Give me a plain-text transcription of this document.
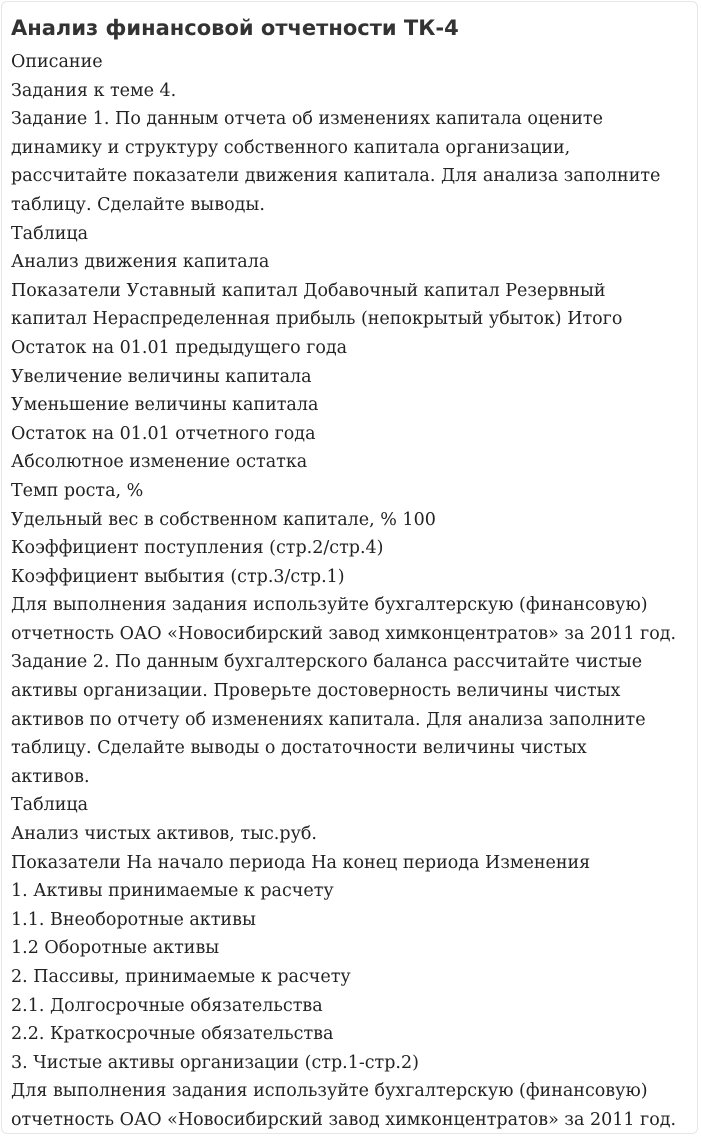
Анализ финансовой отчетности ТК-4
Описание
Задания к теме 4.
Задание 1. По данным отчета об изменениях капитала оцените
динамику и структуру собственного капитала организации,
рассчитайте показатели движения капитала. Для анализа заполните
таблицу. Сделайте выводы.
Таблица
Анализ движения капитала
Показатели Уставный капитал Добавочный капитал Резервный
капитал Нераспределенная прибыль (непокрытый убыток) Итого
Остаток на 01.01 предыдущего года
Увеличение величины капитала
Уменьшение величины капитала
Остаток на 01.01 отчетного года
Абсолютное изменение остатка
Темп роста, %
Удельный вес в собственном капитале, % 100
Коэффициент поступления (стр.2/стр.4)
Коэффициент выбытия (стр.3/стр.1)
Для выполнения задания используйте бухгалтерскую (финансовую)
отчетность ОАО «Новосибирский завод химконцентратов» за 2011 год.
Задание 2. По данным бухгалтерского баланса рассчитайте чистые
активы организации. Проверьте достоверность величины чистых
активов по отчету об изменениях капитала. Для анализа заполните
таблицу. Сделайте выводы о достаточности величины чистых
активов.
Таблица
Анализ чистых активов, тыс.руб.
Показатели На начало периода На конец периода Изменения
1. Активы принимаемые к расчету
1.1. Внеоборотные активы
1.2 Оборотные активы
2. Пассивы, принимаемые к расчету
2.1. Долгосрочные обязательства
2.2. Краткосрочные обязательства
3. Чистые активы организации (стр.1-стр.2)
Для выполнения задания используйте бухгалтерскую (финансовую)
отчетность ОАО «Новосибирский завод химконцентратов» за 2011 год.
